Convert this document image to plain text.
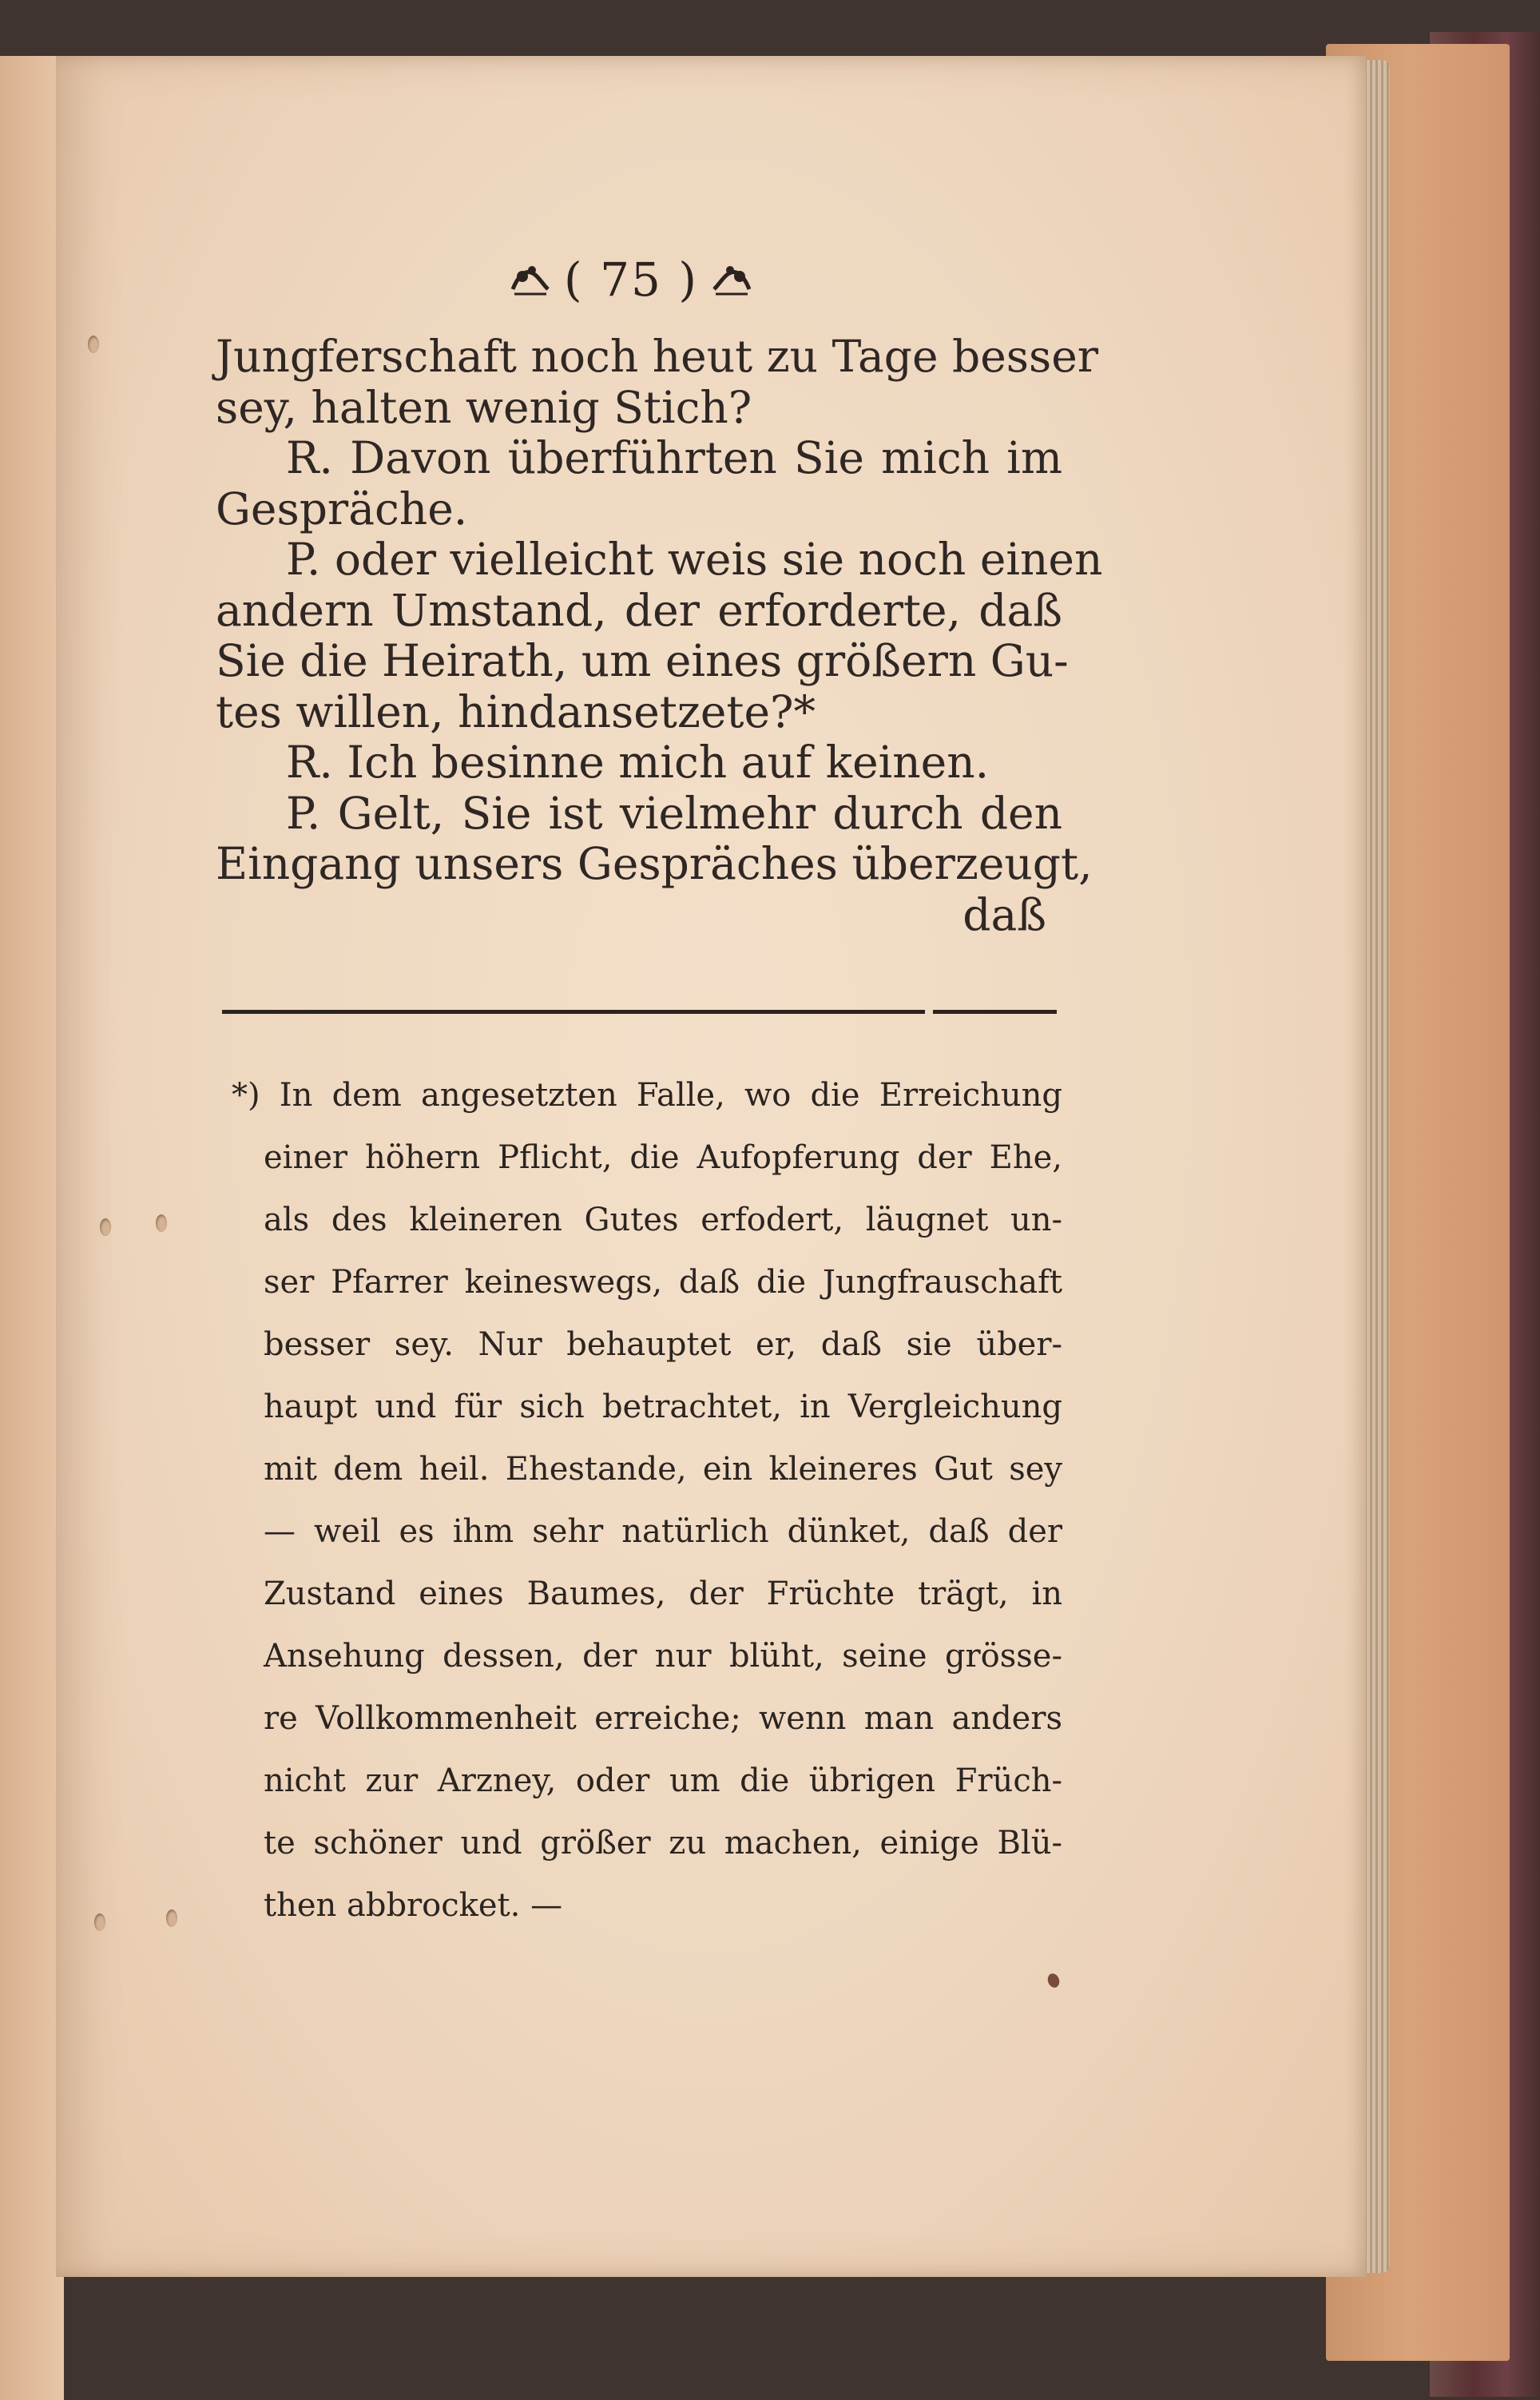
( 75 )
Jungferschaft noch heut zu Tage besser
sey, halten wenig Stich?
R. Davon überführten Sie mich im
Gespräche.
P. oder vielleicht weis sie noch einen
andern Umstand, der erforderte, daß
Sie die Heirath, um eines größern Gu-
tes willen, hindansetzete?*
R. Ich besinne mich auf keinen.
P. Gelt, Sie ist vielmehr durch den
Eingang unsers Gespräches überzeugt,
daß
*) In dem angesetzten Falle, wo die Erreichung
einer höhern Pflicht, die Aufopferung der Ehe,
als des kleineren Gutes erfodert, läugnet un-
ser Pfarrer keineswegs, daß die Jungfrauschaft
besser sey. Nur behauptet er, daß sie über-
haupt und für sich betrachtet, in Vergleichung
mit dem heil. Ehestande, ein kleineres Gut sey
— weil es ihm sehr natürlich dünket, daß der
Zustand eines Baumes, der Früchte trägt, in
Ansehung dessen, der nur blüht, seine grösse-
re Vollkommenheit erreiche; wenn man anders
nicht zur Arzney, oder um die übrigen Früch-
te schöner und größer zu machen, einige Blü-
then abbrocket. —
